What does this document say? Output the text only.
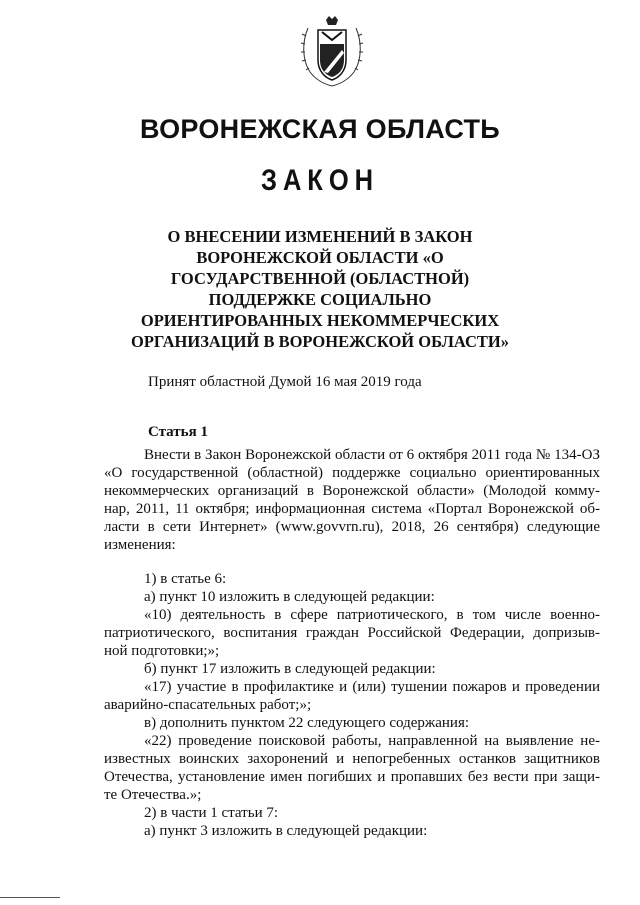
ВОРОНЕЖСКАЯ ОБЛАСТЬ
ЗАКОН
О ВНЕСЕНИИ ИЗМЕНЕНИЙ В ЗАКОН
ВОРОНЕЖСКОЙ ОБЛАСТИ «О
ГОСУДАРСТВЕННОЙ (ОБЛАСТНОЙ)
ПОДДЕРЖКЕ СОЦИАЛЬНО
ОРИЕНТИРОВАННЫХ НЕКОММЕРЧЕСКИХ
ОРГАНИЗАЦИЙ В ВОРОНЕЖСКОЙ ОБЛАСТИ»
Принят областной Думой 16 мая 2019 года
Статья 1
Внести в Закон Воронежской области от 6 октября 2011 года № 134-ОЗ
«О государственной (областной) поддержке социально ориентированных
некоммерческих организаций в Воронежской области» (Молодой комму-
нар, 2011, 11 октября; информационная система «Портал Воронежской об-
ласти в сети Интернет» (www.govvrn.ru), 2018, 26 сентября) следующие
изменения:
1) в статье 6:
а) пункт 10 изложить в следующей редакции:
«10) деятельность в сфере патриотического, в том числе военно-
патриотического, воспитания граждан Российской Федерации, допризыв-
ной подготовки;»;
б) пункт 17 изложить в следующей редакции:
«17) участие в профилактике и (или) тушении пожаров и проведении
аварийно-спасательных работ;»;
в) дополнить пунктом 22 следующего содержания:
«22) проведение поисковой работы, направленной на выявление не-
известных воинских захоронений и непогребенных останков защитников
Отечества, установление имен погибших и пропавших без вести при защи-
те Отечества.»;
2) в части 1 статьи 7:
а) пункт 3 изложить в следующей редакции:
